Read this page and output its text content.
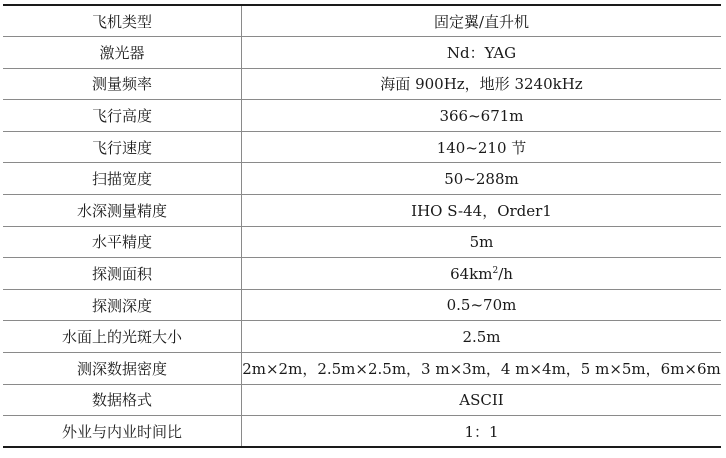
飞机类型	固定翼/直升机
激光器	Nd：YAG
测量频率	海面 900Hz，地形 3240kHz
飞行高度	366~671m
飞行速度	140~210 节
扫描宽度	50~288m
水深测量精度	IHO S-44，Order1
水平精度	5m
探测面积	$64km^2/h$
探测深度	0.5~70m
水面上的光斑大小	2.5m
测深数据密度	2m×2m，2.5m×2.5m，3 m×3m，4 m×4m，5 m×5m，6m×6m
数据格式	ASCII
外业与内业时间比	1：1
